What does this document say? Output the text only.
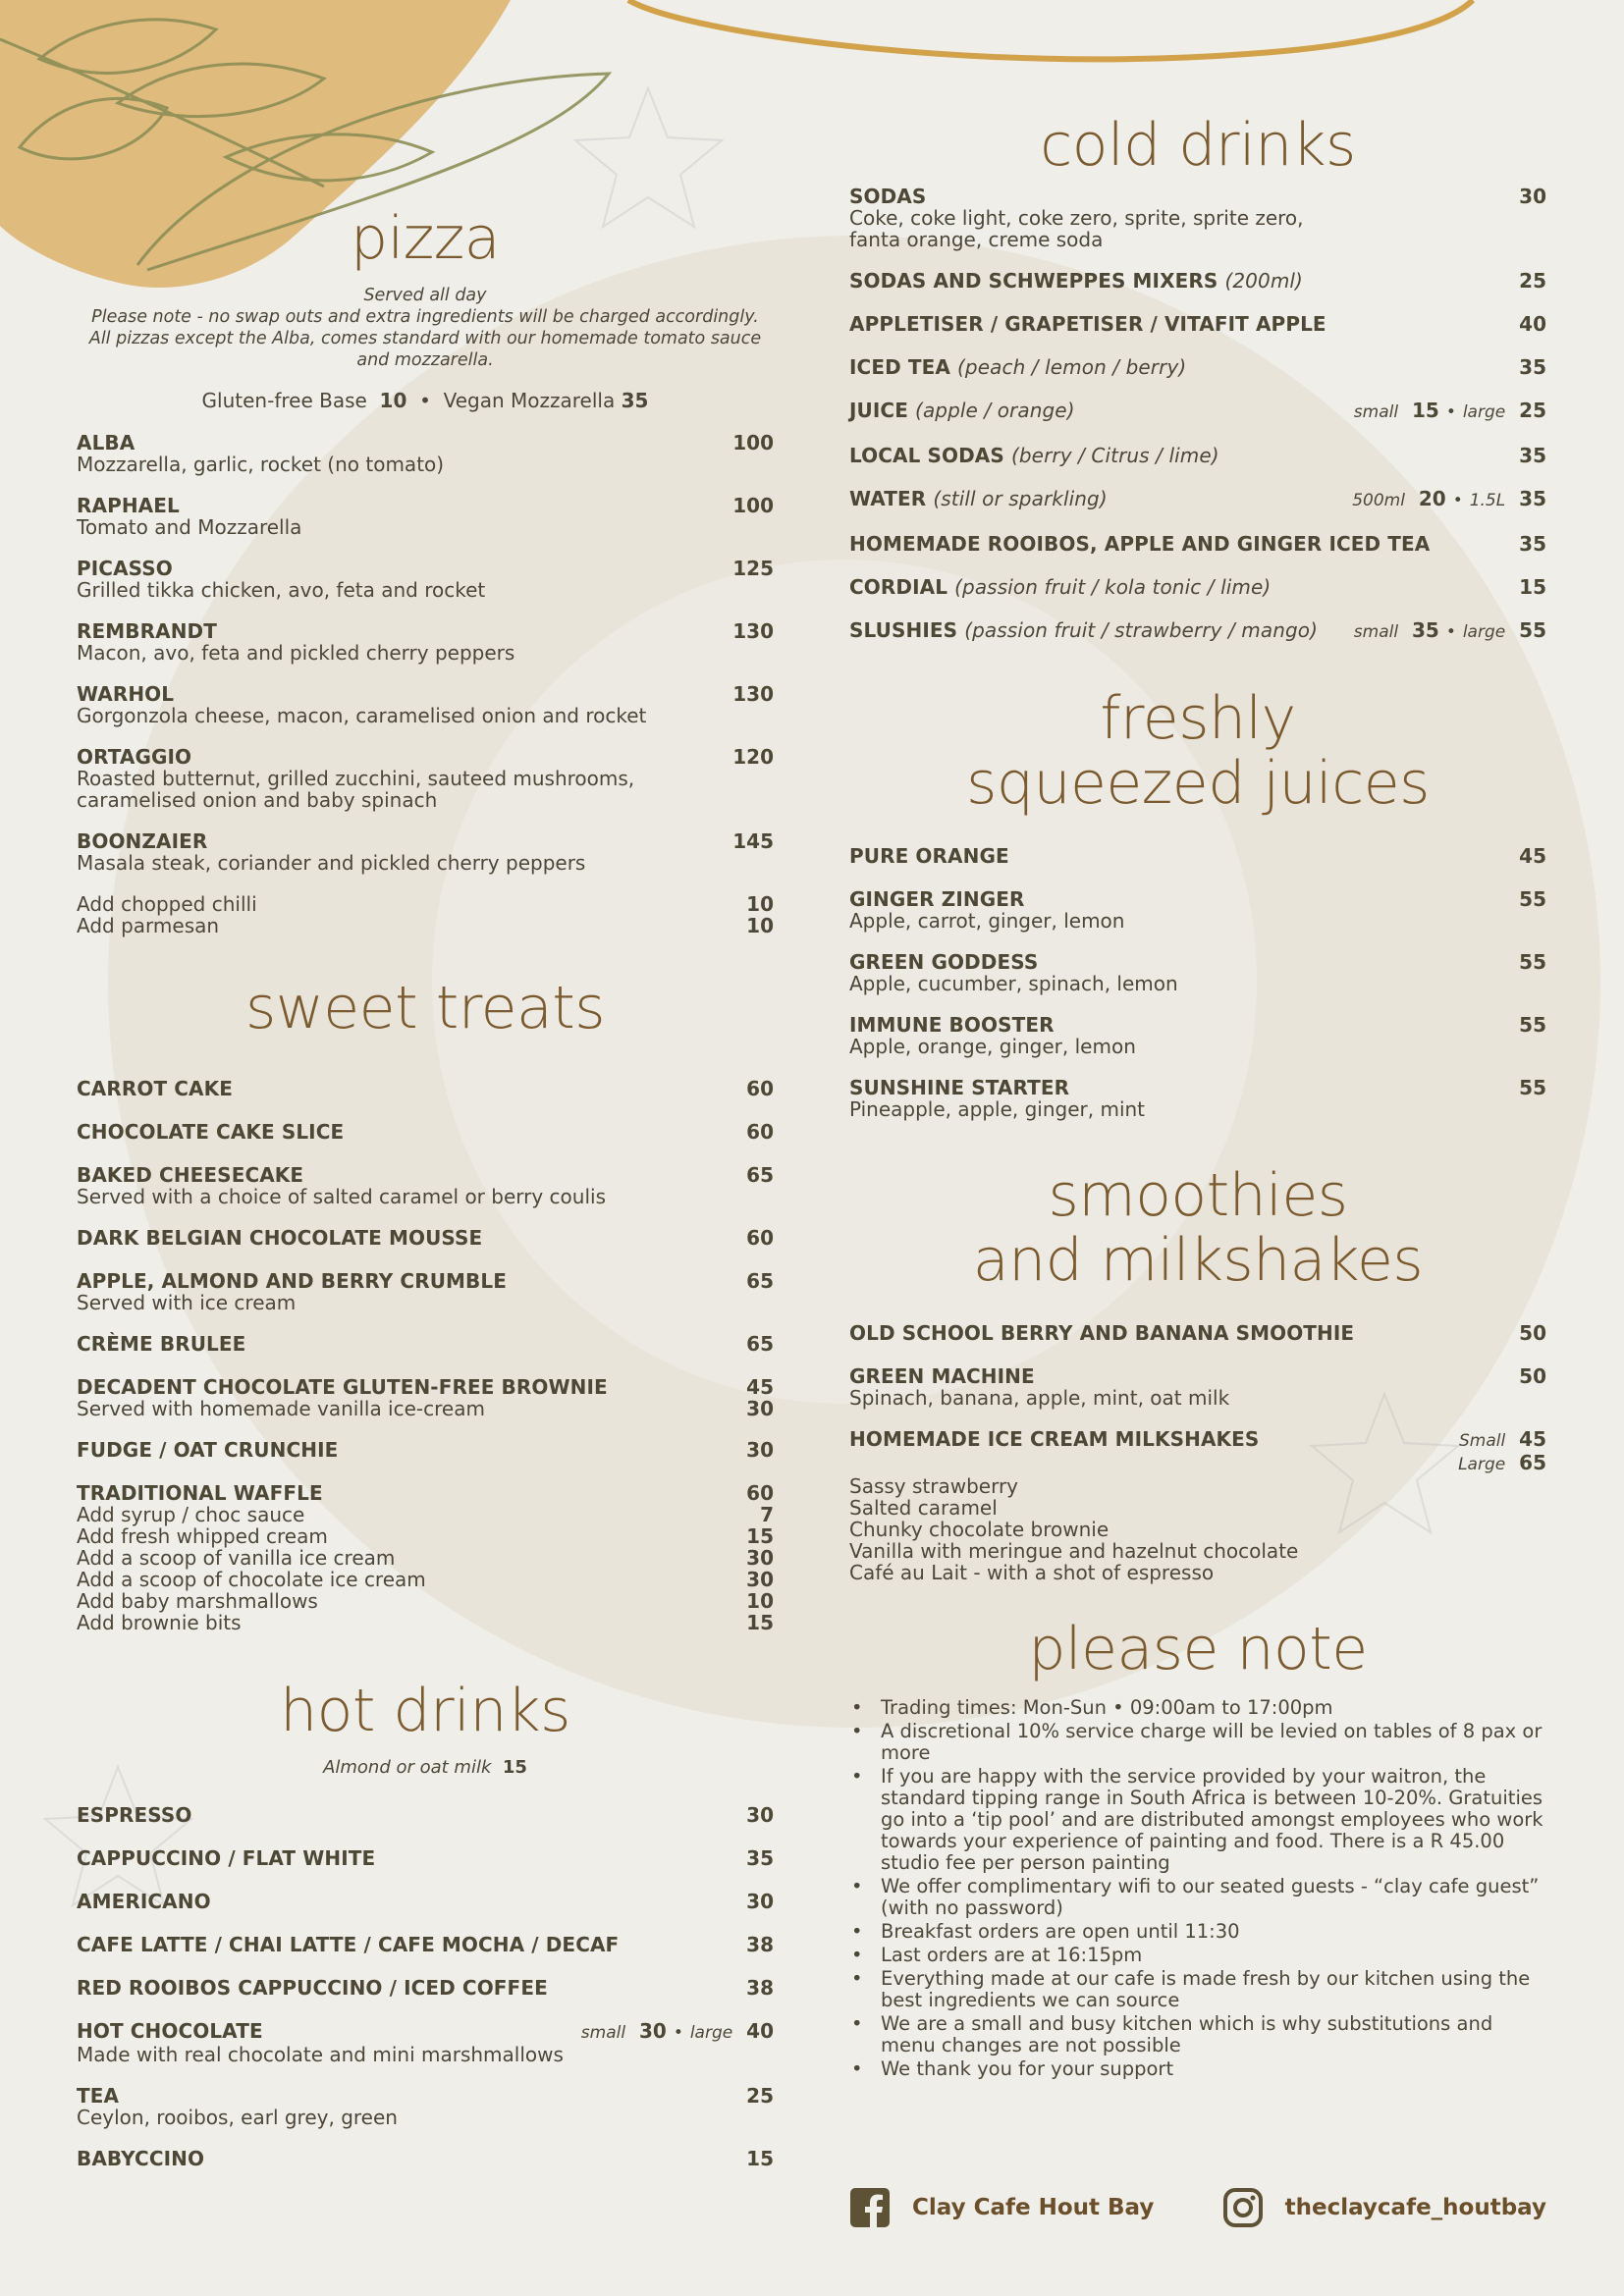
pizza
Served all day
Please note - no swap outs and extra ingredients will be charged accordingly.
All pizzas except the Alba, comes standard with our homemade tomato sauce
and mozzarella.
Gluten-free Base 10 • Vegan Mozzarella 35
ALBA	100
Mozzarella, garlic, rocket (no tomato)
RAPHAEL	100
Tomato and Mozzarella
PICASSO	125
Grilled tikka chicken, avo, feta and rocket
REMBRANDT	130
Macon, avo, feta and pickled cherry peppers
WARHOL	130
Gorgonzola cheese, macon, caramelised onion and rocket
ORTAGGIO	120
Roasted butternut, grilled zucchini, sauteed mushrooms,
caramelised onion and baby spinach
BOONZAIER	145
Masala steak, coriander and pickled cherry peppers
Add chopped chilli	10
Add parmesan	10
sweet treats
CARROT CAKE	60
CHOCOLATE CAKE SLICE	60
BAKED CHEESECAKE	65
Served with a choice of salted caramel or berry coulis
DARK BELGIAN CHOCOLATE MOUSSE	60
APPLE, ALMOND AND BERRY CRUMBLE	65
Served with ice cream
CRÈME BRULEE	65
DECADENT CHOCOLATE GLUTEN-FREE BROWNIE	45
Served with homemade vanilla ice-cream	30
FUDGE / OAT CRUNCHIE	30
TRADITIONAL WAFFLE	60
Add syrup / choc sauce	7
Add fresh whipped cream	15
Add a scoop of vanilla ice cream	30
Add a scoop of chocolate ice cream	30
Add baby marshmallows	10
Add brownie bits	15
hot drinks
Almond or oat milk 15
ESPRESSO	30
CAPPUCCINO / FLAT WHITE	35
AMERICANO	30
CAFE LATTE / CHAI LATTE / CAFE MOCHA / DECAF	38
RED ROOIBOS CAPPUCCINO / ICED COFFEE	38
HOT CHOCOLATE	small 30 • large 40
Made with real chocolate and mini marshmallows
TEA	25
Ceylon, rooibos, earl grey, green
BABYCCINO	15
cold drinks
SODAS	30
Coke, coke light, coke zero, sprite, sprite zero,
fanta orange, creme soda
SODAS AND SCHWEPPES MIXERS (200ml)	25
APPLETISER / GRAPETISER / VITAFIT APPLE	40
ICED TEA (peach / lemon / berry)	35
JUICE (apple / orange)	small 15 • large 25
LOCAL SODAS (berry / Citrus / lime)	35
WATER (still or sparkling)	500ml 20 • 1.5L 35
HOMEMADE ROOIBOS, APPLE AND GINGER ICED TEA	35
CORDIAL (passion fruit / kola tonic / lime)	15
SLUSHIES (passion fruit / strawberry / mango) small 35 • large 55
freshly
squeezed juices
PURE ORANGE	45
GINGER ZINGER	55
Apple, carrot, ginger, lemon
GREEN GODDESS	55
Apple, cucumber, spinach, lemon
IMMUNE BOOSTER	55
Apple, orange, ginger, lemon
SUNSHINE STARTER	55
Pineapple, apple, ginger, mint
smoothies
and milkshakes
OLD SCHOOL BERRY AND BANANA SMOOTHIE	50
GREEN MACHINE	50
Spinach, banana, apple, mint, oat milk
HOMEMADE ICE CREAM MILKSHAKES	Small 45
Large 65
Sassy strawberry
Salted caramel
Chunky chocolate brownie
Vanilla with meringue and hazelnut chocolate
Café au Lait - with a shot of espresso
please note
• Trading times: Mon-Sun • 09:00am to 17:00pm
• A discretional 10% service charge will be levied on tables of 8 pax or more
• If you are happy with the service provided by your waitron, the standard tipping range in South Africa is between 10-20%. Gratuities go into a ‘tip pool’ and are distributed amongst employees who work towards your experience of painting and food. There is a R 45.00 studio fee per person painting
• We offer complimentary wifi to our seated guests - “clay cafe guest” (with no password)
• Breakfast orders are open until 11:30
• Last orders are at 16:15pm
• Everything made at our cafe is made fresh by our kitchen using the best ingredients we can source
• We are a small and busy kitchen which is why substitutions and menu changes are not possible
• We thank you for your support
Clay Cafe Hout Bay	theclaycafe_houtbay
